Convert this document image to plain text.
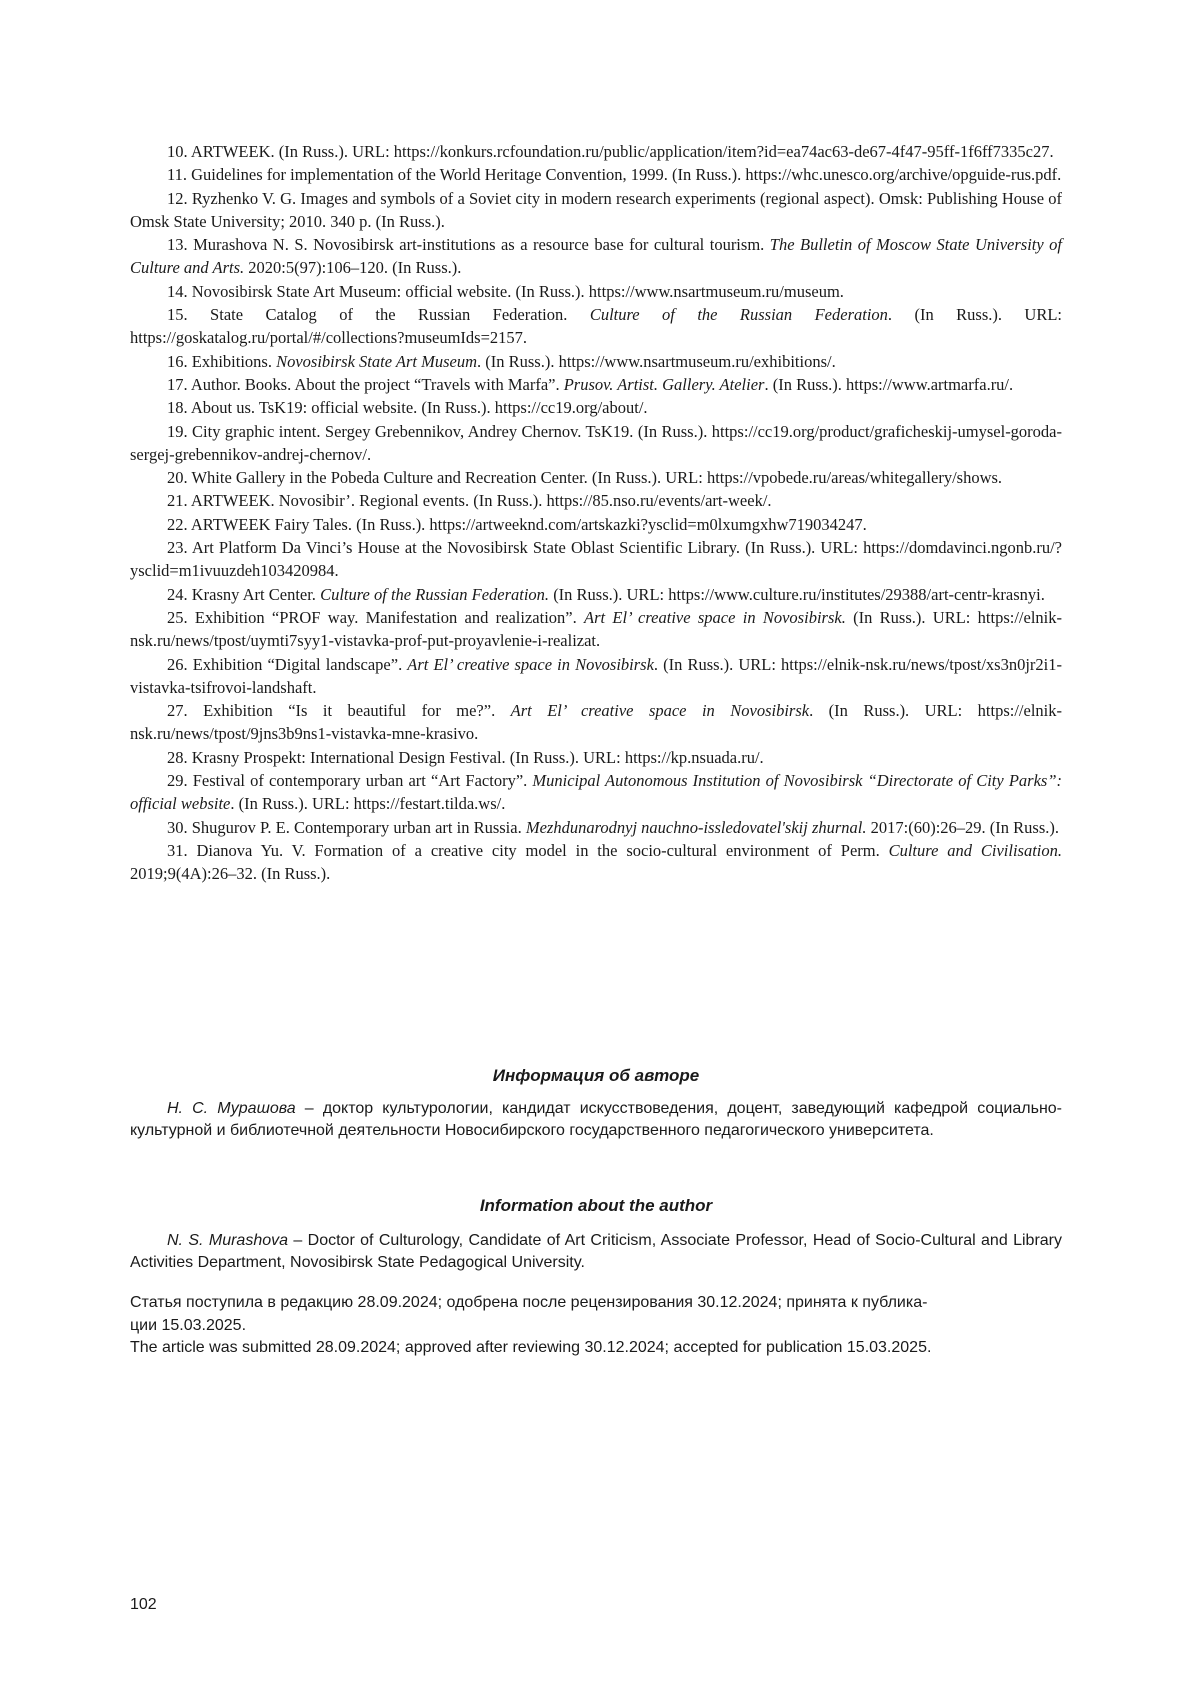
10. ARTWEEK. (In Russ.). URL: https://konkurs.rcfoundation.ru/public/application/item?id=ea74ac63-de67-4f47-95ff-1f6ff7335c27.

11. Guidelines for implementation of the World Heritage Convention, 1999. (In Russ.). https://whc.unesco.org/archive/opguide-rus.pdf.

12. Ryzhenko V. G. Images and symbols of a Soviet city in modern research experiments (regional aspect). Omsk: Publishing House of Omsk State University; 2010. 340 p. (In Russ.).

13. Murashova N. S. Novosibirsk art-institutions as a resource base for cultural tourism. The Bulletin of Moscow State University of Culture and Arts. 2020:5(97):106–120. (In Russ.).

14. Novosibirsk State Art Museum: official website. (In Russ.). https://www.nsartmuseum.ru/museum.

15. State Catalog of the Russian Federation. Culture of the Russian Federation. (In Russ.). URL: https://goskatalog.ru/portal/#/collections?museumIds=2157.

16. Exhibitions. Novosibirsk State Art Museum. (In Russ.). https://www.nsartmuseum.ru/exhibitions/.

17. Author. Books. About the project “Travels with Marfa”. Prusov. Artist. Gallery. Atelier. (In Russ.). https://www.artmarfa.ru/.

18. About us. TsK19: official website. (In Russ.). https://cc19.org/about/.

19. City graphic intent. Sergey Grebennikov, Andrey Chernov. TsK19. (In Russ.). https://cc19.org/product/graficheskij-umysel-goroda-sergej-grebennikov-andrej-chernov/.

20. White Gallery in the Pobeda Culture and Recreation Center. (In Russ.). URL: https://vpobede.ru/areas/whitegallery/shows.

21. ARTWEEK. Novosibir’. Regional events. (In Russ.). https://85.nso.ru/events/art-week/.

22. ARTWEEK Fairy Tales. (In Russ.). https://artweeknd.com/artskazki?ysclid=m0lxumgxhw719034247.

23. Art Platform Da Vinci’s House at the Novosibirsk State Oblast Scientific Library. (In Russ.). URL: https://domdavinci.ngonb.ru/?ysclid=m1ivuuzdeh103420984.

24. Krasny Art Center. Culture of the Russian Federation. (In Russ.). URL: https://www.culture.ru/institutes/29388/art-centr-krasnyi.

25. Exhibition “PROF way. Manifestation and realization”. Art El’ creative space in Novosibirsk. (In Russ.). URL: https://elnik-nsk.ru/news/tpost/uymti7syy1-vistavka-prof-put-proyavlenie-i-realizat.

26. Exhibition “Digital landscape”. Art El’ creative space in Novosibirsk. (In Russ.). URL: https://elnik-nsk.ru/news/tpost/xs3n0jr2i1-vistavka-tsifrovoi-landshaft.

27. Exhibition “Is it beautiful for me?”. Art El’ creative space in Novosibirsk. (In Russ.). URL: https://elnik-nsk.ru/news/tpost/9jns3b9ns1-vistavka-mne-krasivo.

28. Krasny Prospekt: International Design Festival. (In Russ.). URL: https://kp.nsuada.ru/.

29. Festival of contemporary urban art “Art Factory”. Municipal Autonomous Institution of Novosibirsk “Directorate of City Parks”: official website. (In Russ.). URL: https://festart.tilda.ws/.

30. Shugurov P. E. Contemporary urban art in Russia. Mezhdunarodnyj nauchno-issledovatel'skij zhurnal. 2017:(60):26–29. (In Russ.).

31. Dianova Yu. V. Formation of a creative city model in the socio-cultural environment of Perm. Culture and Civilisation. 2019;9(4A):26–32. (In Russ.).

Информация об авторе

Н. С. Мурашова – доктор культурологии, кандидат искусствоведения, доцент, заведующий кафедрой социально-культурной и библиотечной деятельности Новосибирского государственного педагогического университета.

Information about the author

N. S. Murashova – Doctor of Culturology, Candidate of Art Criticism, Associate Professor, Head of Socio-Cultural and Library Activities Department, Novosibirsk State Pedagogical University.

Статья поступила в редакцию 28.09.2024; одобрена после рецензирования 30.12.2024; принята к публика-
ции 15.03.2025.

The article was submitted 28.09.2024; approved after reviewing 30.12.2024; accepted for publication 15.03.2025.

102
